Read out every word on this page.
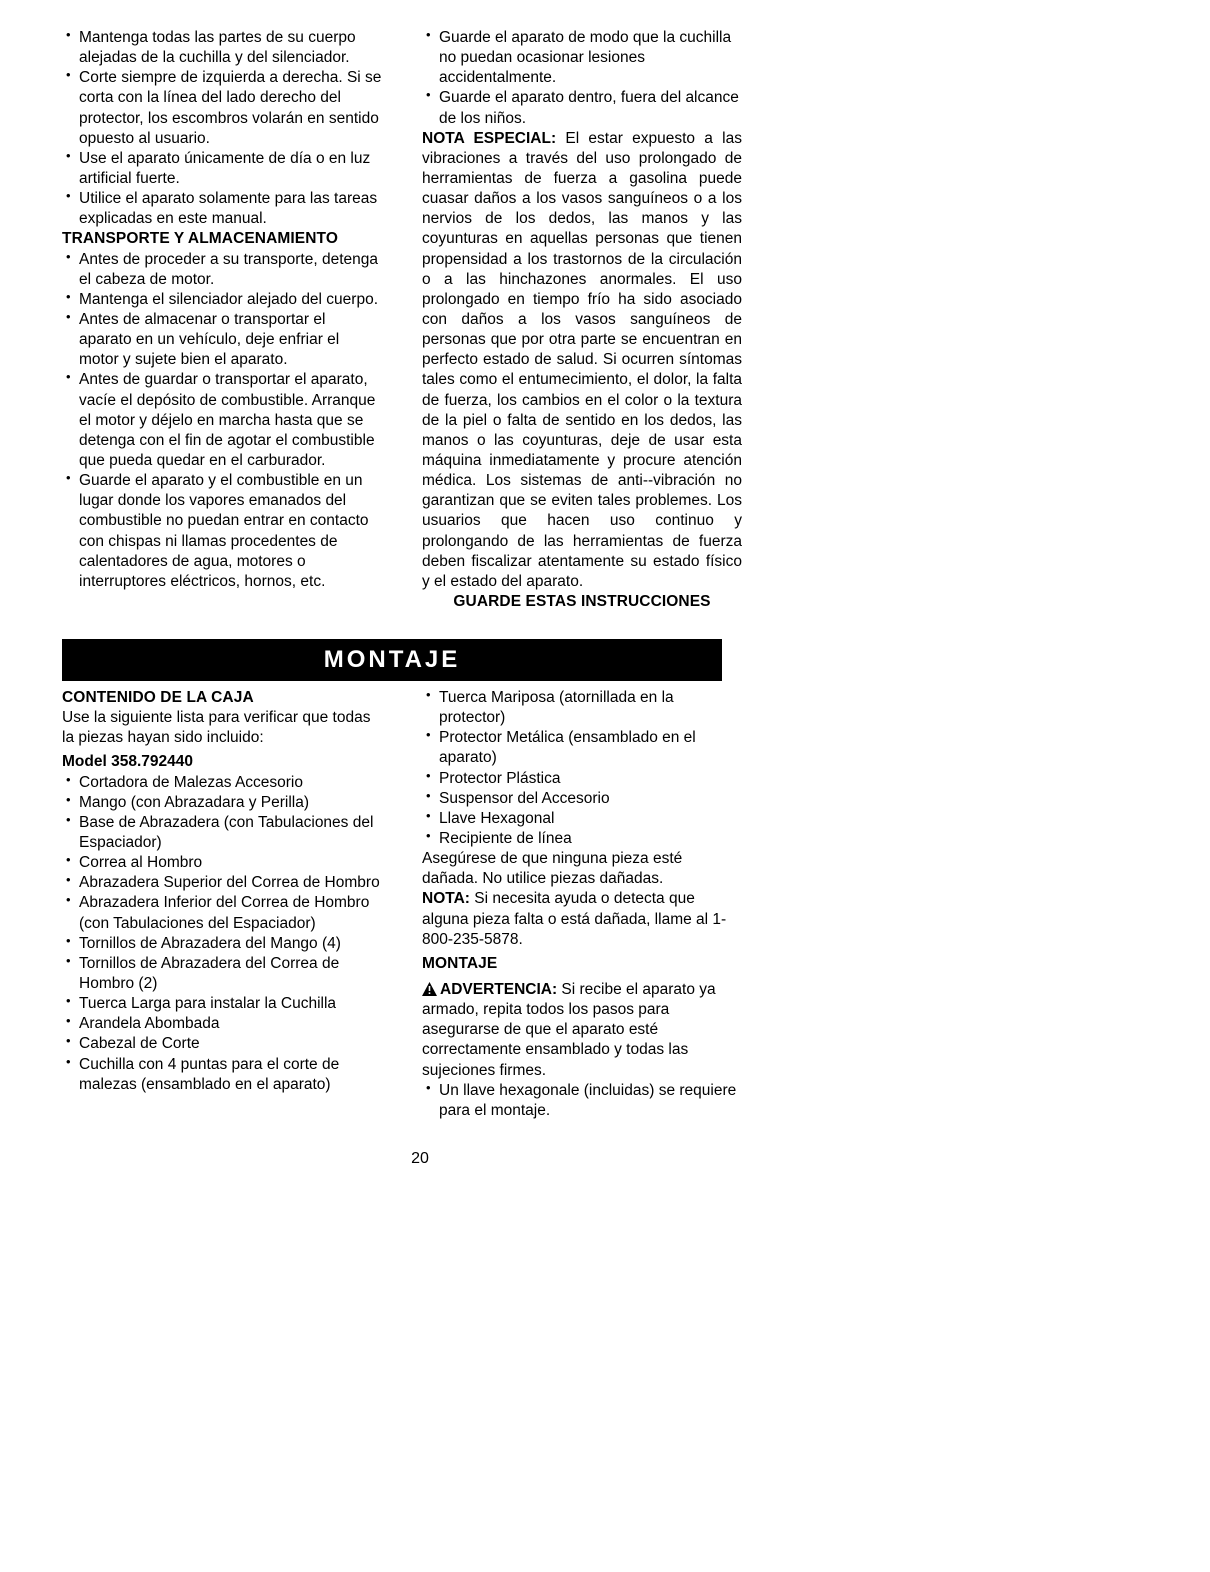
• Mantenga todas las partes de su cuerpo alejadas de la cuchilla y del silenciador.
• Corte siempre de izquierda a derecha. Si se corta con la línea del lado derecho del protector, los escombros volarán en sentido opuesto al usuario.
• Use el aparato únicamente de día o en luz artificial fuerte.
• Utilice el aparato solamente para las tareas explicadas en este manual.

TRANSPORTE Y ALMACENAMIENTO

• Antes de proceder a su transporte, detenga el cabeza de motor.
• Mantenga el silenciador alejado del cuerpo.
• Antes de almacenar o transportar el aparato en un vehículo, deje enfriar el motor y sujete bien el aparato.
• Antes de guardar o transportar el aparato, vacíe el depósito de combustible. Arranque el motor y déjelo en marcha hasta que se detenga con el fin de agotar el combustible que pueda quedar en el carburador.
• Guarde el aparato y el combustible en un lugar donde los vapores emanados del combustible no puedan entrar en contacto con chispas ni llamas procedentes de calentadores de agua, motores o interruptores eléctricos, hornos, etc.
• Guarde el aparato de modo que la cuchilla no puedan ocasionar lesiones accidentalmente.
• Guarde el aparato dentro, fuera del alcance de los niños.

NOTA ESPECIAL: El estar expuesto a las vibraciones a través del uso prolongado de herramientas de fuerza a gasolina puede cuasar daños a los vasos sanguíneos o a los nervios de los dedos, las manos y las coyunturas en aquellas personas que tienen propensidad a los trastornos de la circulación o a las hinchazones anormales. El uso prolongado en tiempo frío ha sido asociado con daños a los vasos sanguíneos de personas que por otra parte se encuentran en perfecto estado de salud. Si ocurren síntomas tales como el entumecimiento, el dolor, la falta de fuerza, los cambios en el color o la textura de la piel o falta de sentido en los dedos, las manos o las coyunturas, deje de usar esta máquina inmediatamente y procure atención médica. Los sistemas de anti--vibración no garantizan que se eviten tales problemes. Los usuarios que hacen uso continuo y prolongando de las herramientas de fuerza deben fiscalizar atentamente su estado físico y el estado del aparato.

GUARDE ESTAS INSTRUCCIONES

MONTAJE

CONTENIDO DE LA CAJA

Use la siguiente lista para verificar que todas la piezas hayan sido incluido:

Model 358.792440

• Cortadora de Malezas Accesorio
• Mango (con Abrazadara y Perilla)
• Base de Abrazadera (con Tabulaciones del Espaciador)
• Correa al Hombro
• Abrazadera Superior del Correa de Hombro
• Abrazadera Inferior del Correa de Hombro (con Tabulaciones del Espaciador)
• Tornillos de Abrazadera del Mango (4)
• Tornillos de Abrazadera del Correa de Hombro (2)
• Tuerca Larga para instalar la Cuchilla
• Arandela Abombada
• Cabezal de Corte
• Cuchilla con 4 puntas para el corte de malezas (ensamblado en el aparato)
• Tuerca Mariposa (atornillada en la protector)
• Protector Metálica (ensamblado en el aparato)
• Protector Plástica
• Suspensor del Accesorio
• Llave Hexagonal
• Recipiente de línea

Asegúrese de que ninguna pieza esté dañada. No utilice piezas dañadas.

NOTA: Si necesita ayuda o detecta que alguna pieza falta o está dañada, llame al 1-800-235-5878.

MONTAJE

ADVERTENCIA: Si recibe el aparato ya armado, repita todos los pasos para asegurarse de que el aparato esté correctamente ensamblado y todas las sujeciones firmes.

• Un llave hexagonale (incluidas) se requiere para el montaje.
20
